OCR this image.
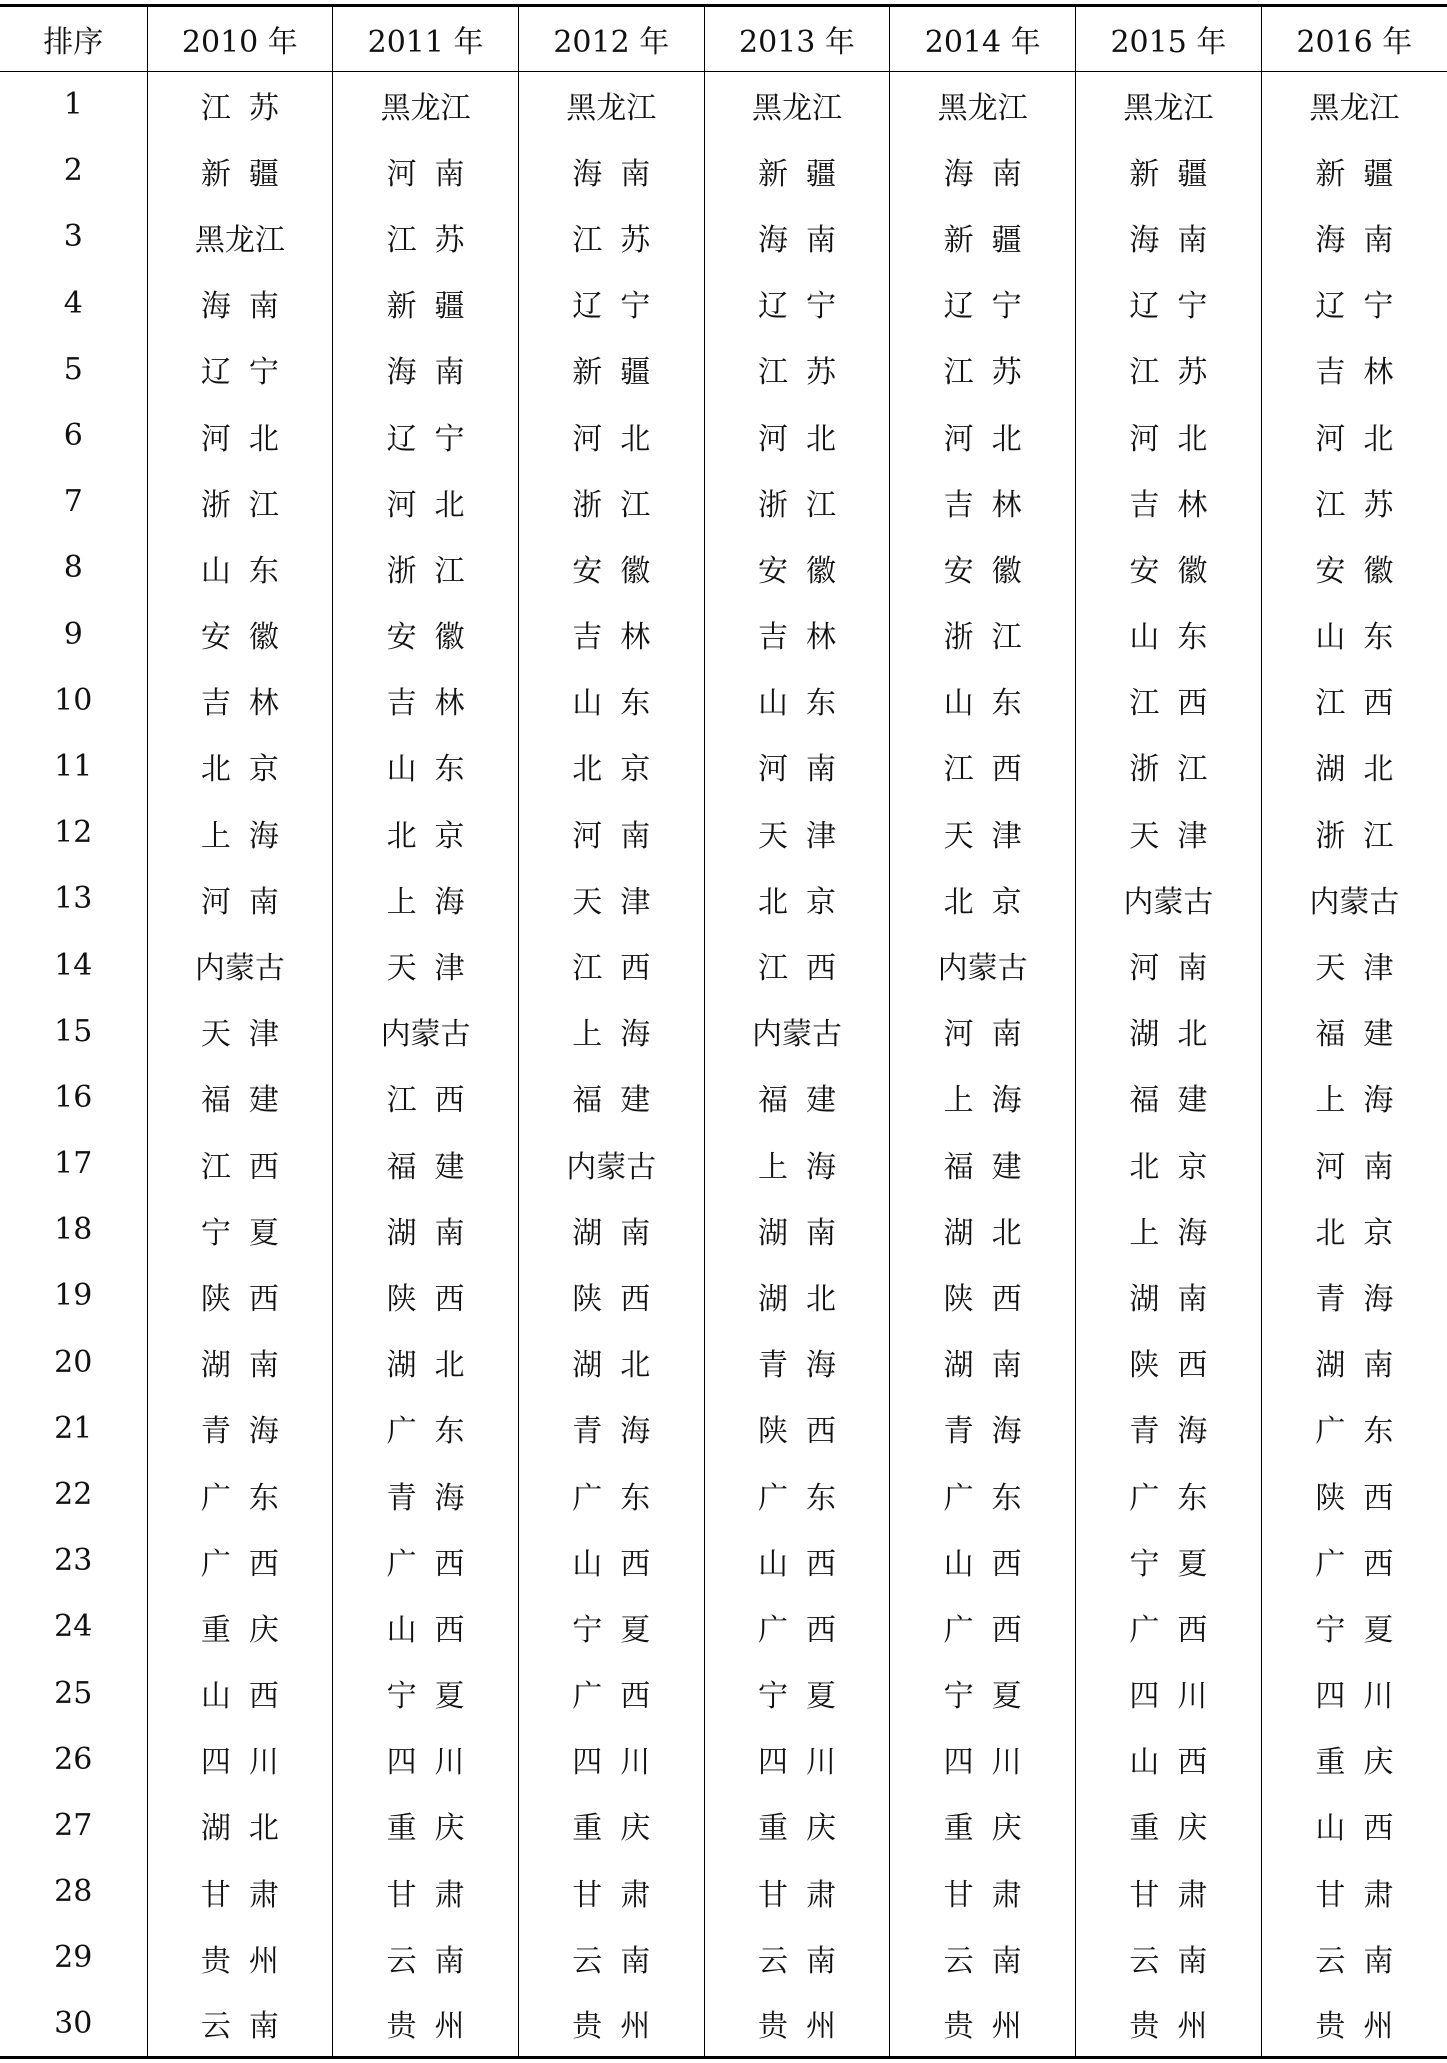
排序	2010 年	2011 年	2012 年	2013 年	2014 年	2015 年	2016 年
1	江苏	黑龙江	黑龙江	黑龙江	黑龙江	黑龙江	黑龙江
2	新疆	河南	海南	新疆	海南	新疆	新疆
3	黑龙江	江苏	江苏	海南	新疆	海南	海南
4	海南	新疆	辽宁	辽宁	辽宁	辽宁	辽宁
5	辽宁	海南	新疆	江苏	江苏	江苏	吉林
6	河北	辽宁	河北	河北	河北	河北	河北
7	浙江	河北	浙江	浙江	吉林	吉林	江苏
8	山东	浙江	安徽	安徽	安徽	安徽	安徽
9	安徽	安徽	吉林	吉林	浙江	山东	山东
10	吉林	吉林	山东	山东	山东	江西	江西
11	北京	山东	北京	河南	江西	浙江	湖北
12	上海	北京	河南	天津	天津	天津	浙江
13	河南	上海	天津	北京	北京	内蒙古	内蒙古
14	内蒙古	天津	江西	江西	内蒙古	河南	天津
15	天津	内蒙古	上海	内蒙古	河南	湖北	福建
16	福建	江西	福建	福建	上海	福建	上海
17	江西	福建	内蒙古	上海	福建	北京	河南
18	宁夏	湖南	湖南	湖南	湖北	上海	北京
19	陕西	陕西	陕西	湖北	陕西	湖南	青海
20	湖南	湖北	湖北	青海	湖南	陕西	湖南
21	青海	广东	青海	陕西	青海	青海	广东
22	广东	青海	广东	广东	广东	广东	陕西
23	广西	广西	山西	山西	山西	宁夏	广西
24	重庆	山西	宁夏	广西	广西	广西	宁夏
25	山西	宁夏	广西	宁夏	宁夏	四川	四川
26	四川	四川	四川	四川	四川	山西	重庆
27	湖北	重庆	重庆	重庆	重庆	重庆	山西
28	甘肃	甘肃	甘肃	甘肃	甘肃	甘肃	甘肃
29	贵州	云南	云南	云南	云南	云南	云南
30	云南	贵州	贵州	贵州	贵州	贵州	贵州
